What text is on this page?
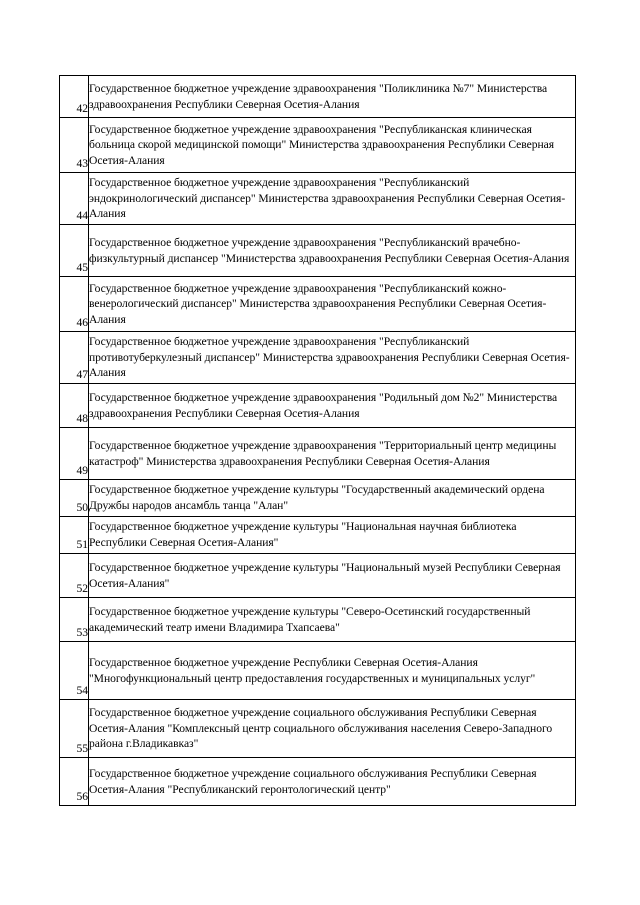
42	Государственное бюджетное учреждение здравоохранения "Поликлиника №7" Министерства здравоохранения Республики Северная Осетия-Алания

43	Государственное бюджетное учреждение здравоохранения "Республиканская клиническая больница скорой медицинской помощи" Министерства здравоохранения Республики Северная Осетия-Алания

44	Государственное бюджетное учреждение здравоохранения "Республиканский эндокринологический диспансер" Министерства здравоохранения Республики Северная Осетия-Алания

45	Государственное бюджетное учреждение здравоохранения "Республиканский врачебно-физкультурный диспансер "Министерства здравоохранения Республики Северная Осетия-Алания

46	Государственное бюджетное учреждение здравоохранения "Республиканский кожно-венерологический диспансер" Министерства здравоохранения Республики Северная Осетия-Алания

47	Государственное бюджетное учреждение здравоохранения "Республиканский противотуберкулезный диспансер" Министерства здравоохранения Республики Северная Осетия-Алания

48	Государственное бюджетное учреждение здравоохранения "Родильный дом №2" Министерства здравоохранения Республики Северная Осетия-Алания

49	Государственное бюджетное учреждение здравоохранения "Территориальный центр медицины катастроф" Министерства здравоохранения Республики Северная Осетия-Алания

50	Государственное бюджетное учреждение культуры "Государственный академический ордена Дружбы народов ансамбль танца "Алан"

51	Государственное бюджетное учреждение культуры "Национальная научная библиотека Республики Северная Осетия-Алания"

52	Государственное бюджетное учреждение культуры "Национальный музей Республики Северная Осетия-Алания"

53	Государственное бюджетное учреждение культуры "Северо-Осетинский государственный академический театр имени Владимира Тхапсаева"

54	Государственное бюджетное учреждение Республики Северная Осетия-Алания "Многофункциональный центр предоставления государственных и муниципальных услуг"

55	Государственное бюджетное учреждение социального обслуживания Республики Северная Осетия-Алания "Комплексный центр социального обслуживания населения Северо-Западного района г.Владикавказ"

56	Государственное бюджетное учреждение социального обслуживания Республики Северная Осетия-Алания "Республиканский геронтологический центр"
